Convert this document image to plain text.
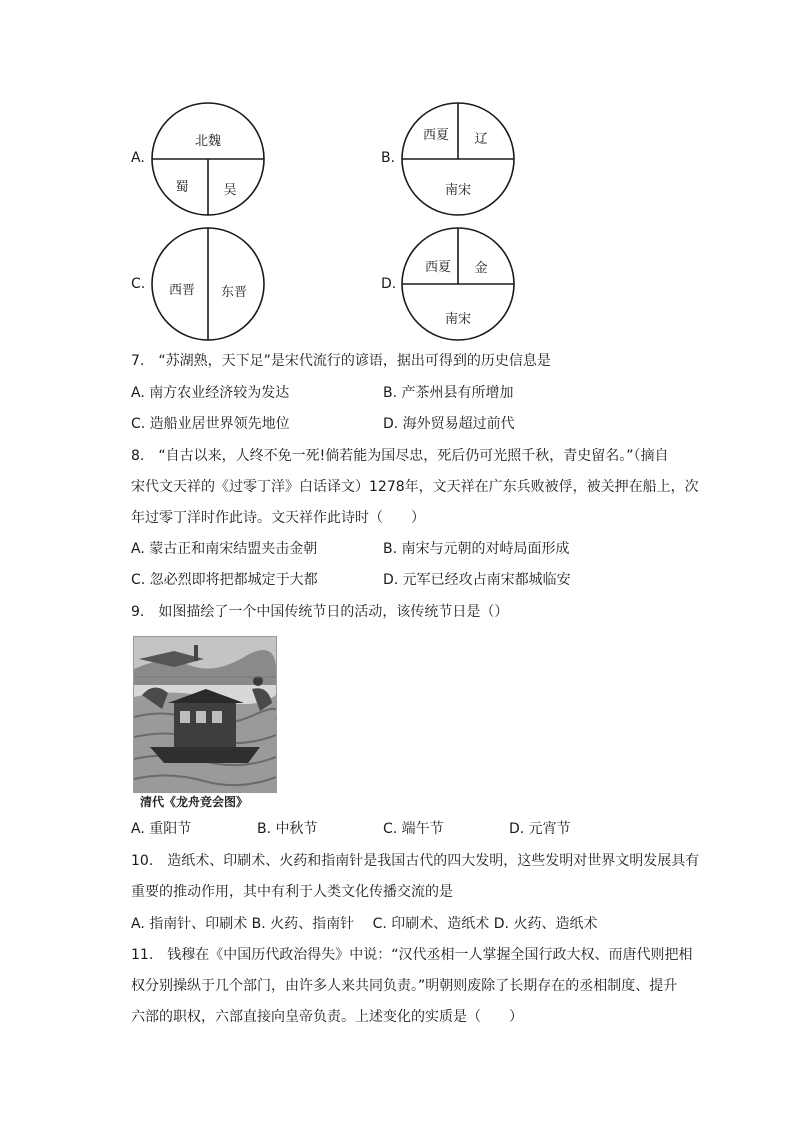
A.
北魏
蜀	吴
B.
西夏 辽
南宋
C. 西晋 东晋
D.
西夏 金
南宋
7.　“苏湖熟，天下足”是宋代流行的谚语，据出可得到的历史信息是
A. 南方农业经济较为发达	B. 产茶州县有所增加
C. 造船业居世界领先地位	D. 海外贸易超过前代
8.　“自古以来，人终不免一死!倘若能为国尽忠，死后仍可光照千秋，青史留名。”（摘自
宋代文天祥的《过零丁洋》白话译文）1278年，文天祥在广东兵败被俘，被关押在船上，次
年过零丁洋时作此诗。文天祥作此诗时（　　）
A. 蒙古正和南宋结盟夹击金朝	B. 南宋与元朝的对峙局面形成
C. 忽必烈即将把都城定于大都	D. 元军已经攻占南宋都城临安
9.　如图描绘了一个中国传统节日的活动，该传统节日是（）
清代《龙舟竞会图》
A. 重阳节	B. 中秋节	C. 端午节	D. 元宵节
10.　造纸术、印刷术、火药和指南针是我国古代的四大发明，这些发明对世界文明发展具有
重要的推动作用，其中有利于人类文化传播交流的是
A. 指南针、印刷术 B. 火药、指南针　 C. 印刷术、造纸术 D. 火药、造纸术
11.　钱穆在《中国历代政治得失》中说：“汉代丞相一人掌握全国行政大权、而唐代则把相
权分别操纵于几个部门，由许多人来共同负责。”明朝则废除了长期存在的丞相制度、提升
六部的职权，六部直接向皇帝负责。上述变化的实质是（　　）
